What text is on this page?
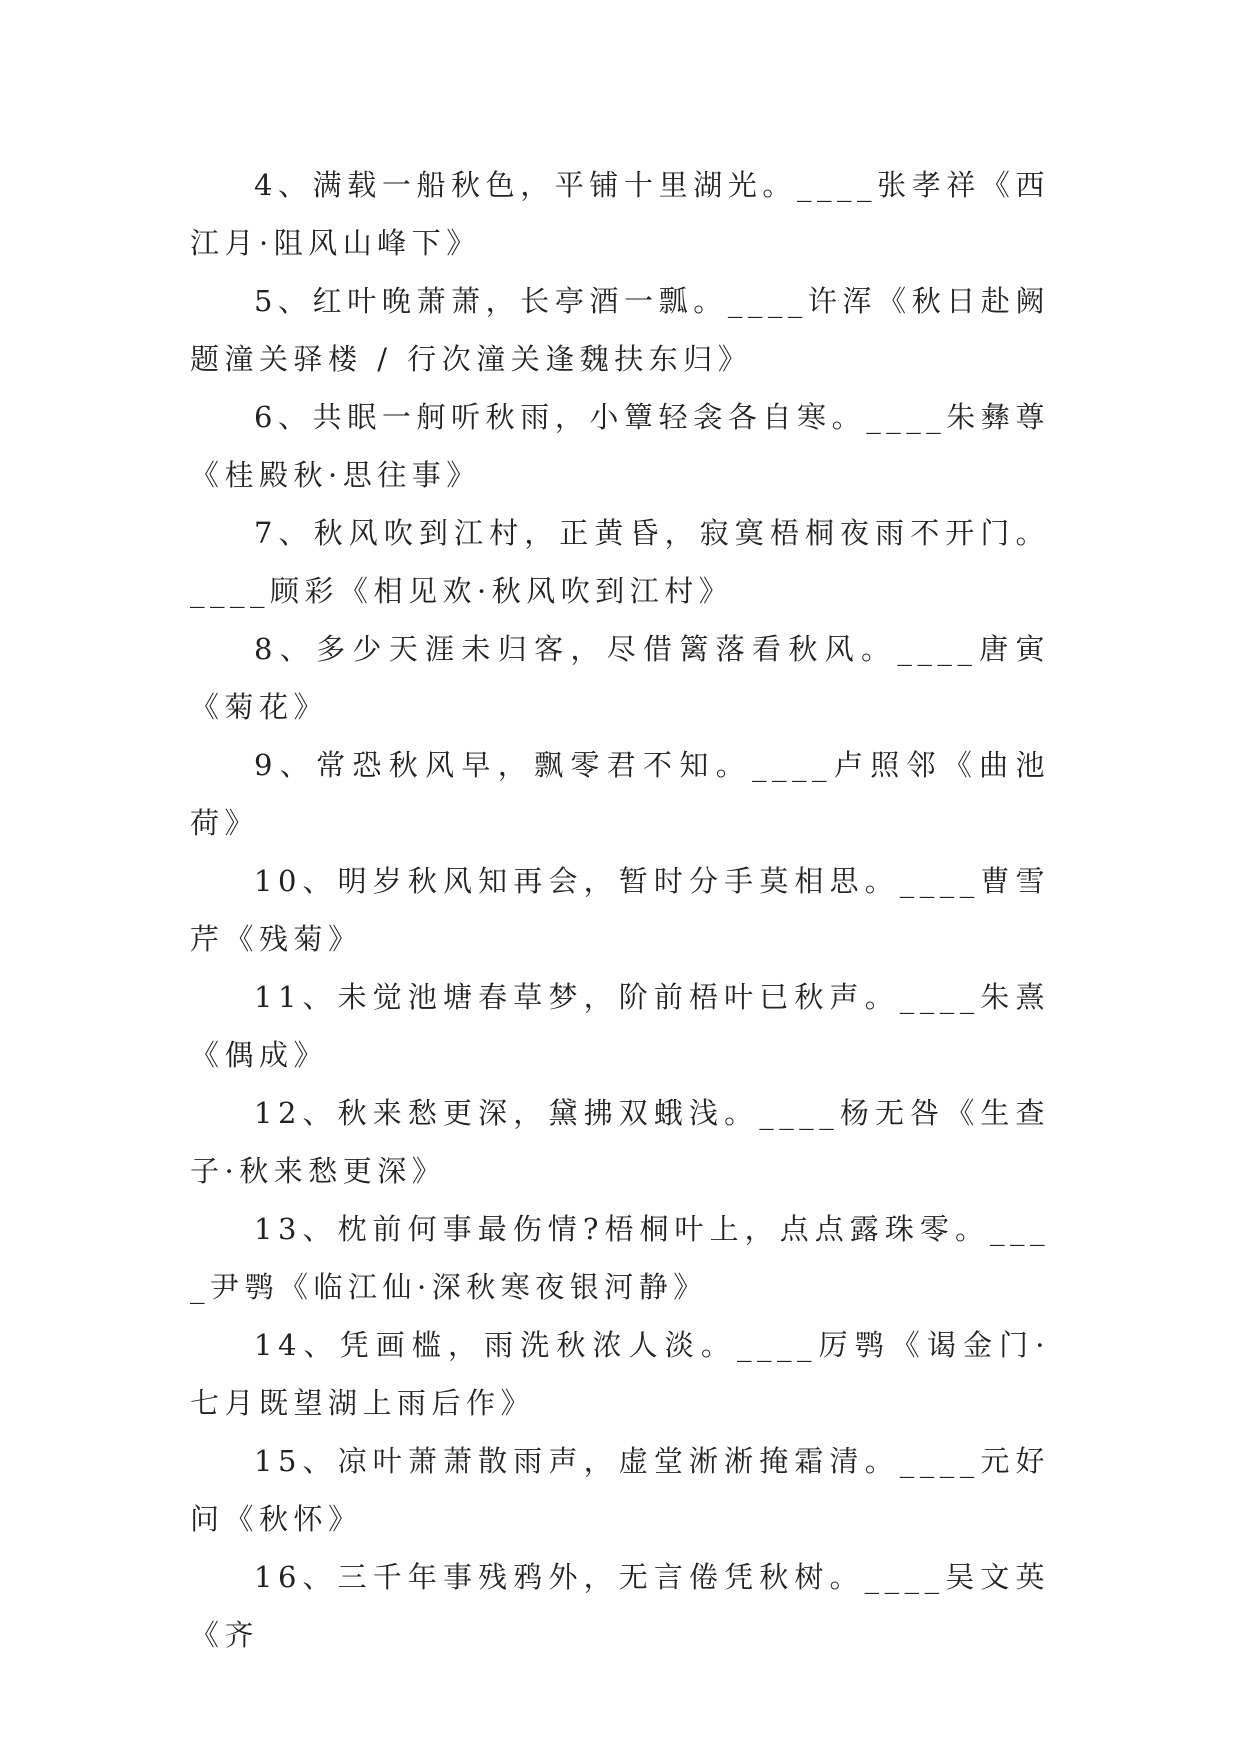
4、满载一船秋色，平铺十里湖光。____张孝祥《西江月·阻风山峰下》

5、红叶晚萧萧，长亭酒一瓢。____许浑《秋日赴阙题潼关驿楼 / 行次潼关逢魏扶东归》

6、共眠一舸听秋雨，小簟轻衾各自寒。____朱彝尊《桂殿秋·思往事》

7、秋风吹到江村，正黄昏，寂寞梧桐夜雨不开门。____顾彩《相见欢·秋风吹到江村》

8、多少天涯未归客，尽借篱落看秋风。____唐寅《菊花》

9、常恐秋风早，飘零君不知。____卢照邻《曲池荷》

10、明岁秋风知再会，暂时分手莫相思。____曹雪芹《残菊》

11、未觉池塘春草梦，阶前梧叶已秋声。____朱熹《偶成》

12、秋来愁更深，黛拂双蛾浅。____杨无咎《生查子·秋来愁更深》

13、枕前何事最伤情?梧桐叶上，点点露珠零。____尹鹗《临江仙·深秋寒夜银河静》

14、凭画槛，雨洗秋浓人淡。____厉鹗《谒金门·七月既望湖上雨后作》

15、凉叶萧萧散雨声，虚堂淅淅掩霜清。____元好问《秋怀》

16、三千年事残鸦外，无言倦凭秋树。____吴文英《齐
